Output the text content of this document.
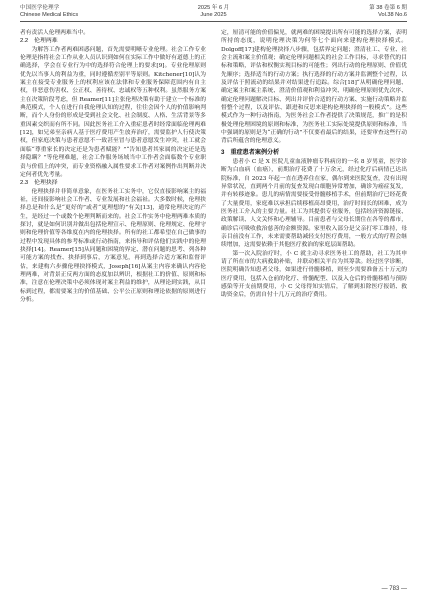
中国医学伦理学
Chinese Medical Ethics
2025 年 6 月
June 2025
第 38 卷第 6 期
Vol.38 No.6

者有责活人伦理两难当中。

2.2　伦理两难

为解答工作者两难困惑问题，首先需要明晰专业伦理。社会工作专业伦理是指将社会工作从业人员认识到如何在实际工作中做好有道德上的正确选择，学会在专业行为中的选择符合伦理上的要求[9]。专业伦理原则优先以当事人的利益为重，同时遵循差别平等原则。Kitchener[10]认为案主在接受专业服务上的权利应该在法律和专业服务保障范围内有自主权，非恶意伤害权、公正权、善待权、忠诚权等五种权利。虽然服务方案主在决策阶段考虑，但 Reamer[11]主张伦理决策有助于建立一个标准的典范模式，个人在进行自我伦理认知的过程，往往会因个人的价值影响判断，而个人身份的形成是受到社会文化、社会制度、人格、生活背景等多重因素交织而有所不同。因此医务社工介入重症患者时经常面临伦理两难[12]，如兄弟至亲病人基于医疗费用产生放弃治疗，需要监护人行使决策权，但家庭决策与患者意愿不一致甚至冒与患者意愿发生冲突，社工就会面临“尊重家长的决定还是为患者赋能？”“告知患者其家属的决定还是选择隐瞒？”等伦理难题，社会工作服务场域当中工作者会面临数个专业职责与价值上的冲突，而专业资格融入属性要求工作者对案例作出判断并决定何者优先考量。

2.3　伦理抉择

伦理抉择并非简单意象，在医务社工实务中，它仅直接影响案主的福祉，还间接影响社会工作者、专业发展和社会福祉。大多数时候，伦理抉择总是和什么是“更好的”或者“更理想的”有关[13]，通常伦理决定的产生，是经过一个或数个伦理判断而来的。社会工作实务中伦理两难本质的探讨，就是如何识别并做出包括伦理宣示、伦理原则、伦理规定、伦理守则和伦理价值等各维度在内的伦理抉择。所有的社工都希望在自己做事的过程中发现具体的参考标准或行动指南，来指导和评估他们实践中的伦理抉择[14]。Reamer[15]从同题和困境的界定、潜在问题的思考、列各种可能方案的找查、抉择到事后，方案意见，再到选择合适方案和监督评估，来建构六步骤伦理抉择模式，Joseph[16]从案主内容来确认内容伦理两难，对背景正反两方面的态度加以辨识，根据社工的价值、原则和标准，注意在伦理决策中必须体现对案主利益的维护，从理论到实践，从目标到过程，都需要案主的价值基础、公平公正原则和理论依据的原则进行分析。

定，厘清可能的价值偏见，就两难的困境提出所有可能的选择方案，表明所持的态度，说明伦理决策为何等七个面向来建构伦理抉择模式。Dolgoff[17]建构伦理抉择八步骤，包括界定问题；澄清社工、专业、社会主流和案主价值观；确定伦理问题相关的社会工作目标，寻求替代的目标和策略，评估和权衡实现目标的可能性；列出行动的伦理原则、价值优先顺序；选择适当的行动方案；执行选择的行动方案并监测整个过程，以及评估于照流动的结果并对结果进行追踪。综合[18]“从明确伦理问题、确定案主和案主系统、澄清价值观和利益冲突、明确伦理原则优先次序、确定伦理问题解决目标、列出并评价合适的行动方案、实施行动策略并监督整个过程，以及评估、跟进和反思来建构伦理抉择的一般模式”。这些模式作为一种行动指南，为医务社会工作者提供了决策规范，推广的是积极处理伦理困境的原则和标准，为医务社工实际处境提供原则和标准，当中强调的原则是为“正确的行动”不仅要看最后的结果，还要审查这些行动背后所蕴含的伦理意义。

3　重症患者案例分析

患者小 C 是 X 医院儿童血液肿瘤专科病房的一名 8 岁男童，医学诊断为白血病（血癌），前期治疗花费了十万余元，经过化疗后病情已达出院标准，自 2023 年起一直在透养住在家，偶尔到来医院复查，没有出现异常状况，直到两个月前的复查发现白细胞异常增加，确诊为癌症复发，并有转移迹象。患儿的病情需要接受骨髓移植手术，但前期治疗已经花费了大量费用，家庭难以承担后续移植高昂费用，治疗时间长的困难，成为医务社工介入的主要力量。社工为其提供专业服务，包括经济资源链接、政策解读、人文关怀和心理辅导。目前患者与父母长期住在各等的都市，确诊后可吸收救治慈善的金额资源。家里收入部分是父亲打零工维持，母亲目前没有工作，未来需要帮助减轻支付医疗费用，一般方式的疗程会继续增加，这需要依赖于其他医疗救治的家庭层面帮助。

第一次入院治疗时，小 C 就主动寻求医务社工的帮助，社工为其申请了所在市的大病救助补贴，并联动相关平台为其筹款。经过医学诊断，医院明确告知患者父母，如果进行骨髓移植，则至少需要准备五十万元的医疗费用，包括入仓前的化疗、骨髓配型、以及入仓后的骨髓移植与预防感染等开支前期费用，小 C 父母得知实情后，了解到扣除医疗报销、救助资金后，仍需自付十几万元的治疗费用。

— 783 —
